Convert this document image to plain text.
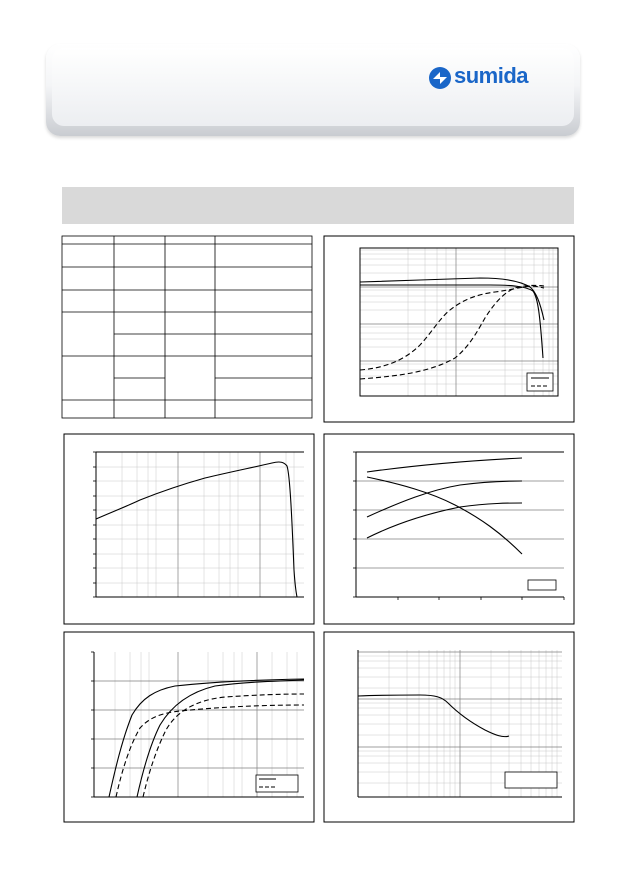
sumida
